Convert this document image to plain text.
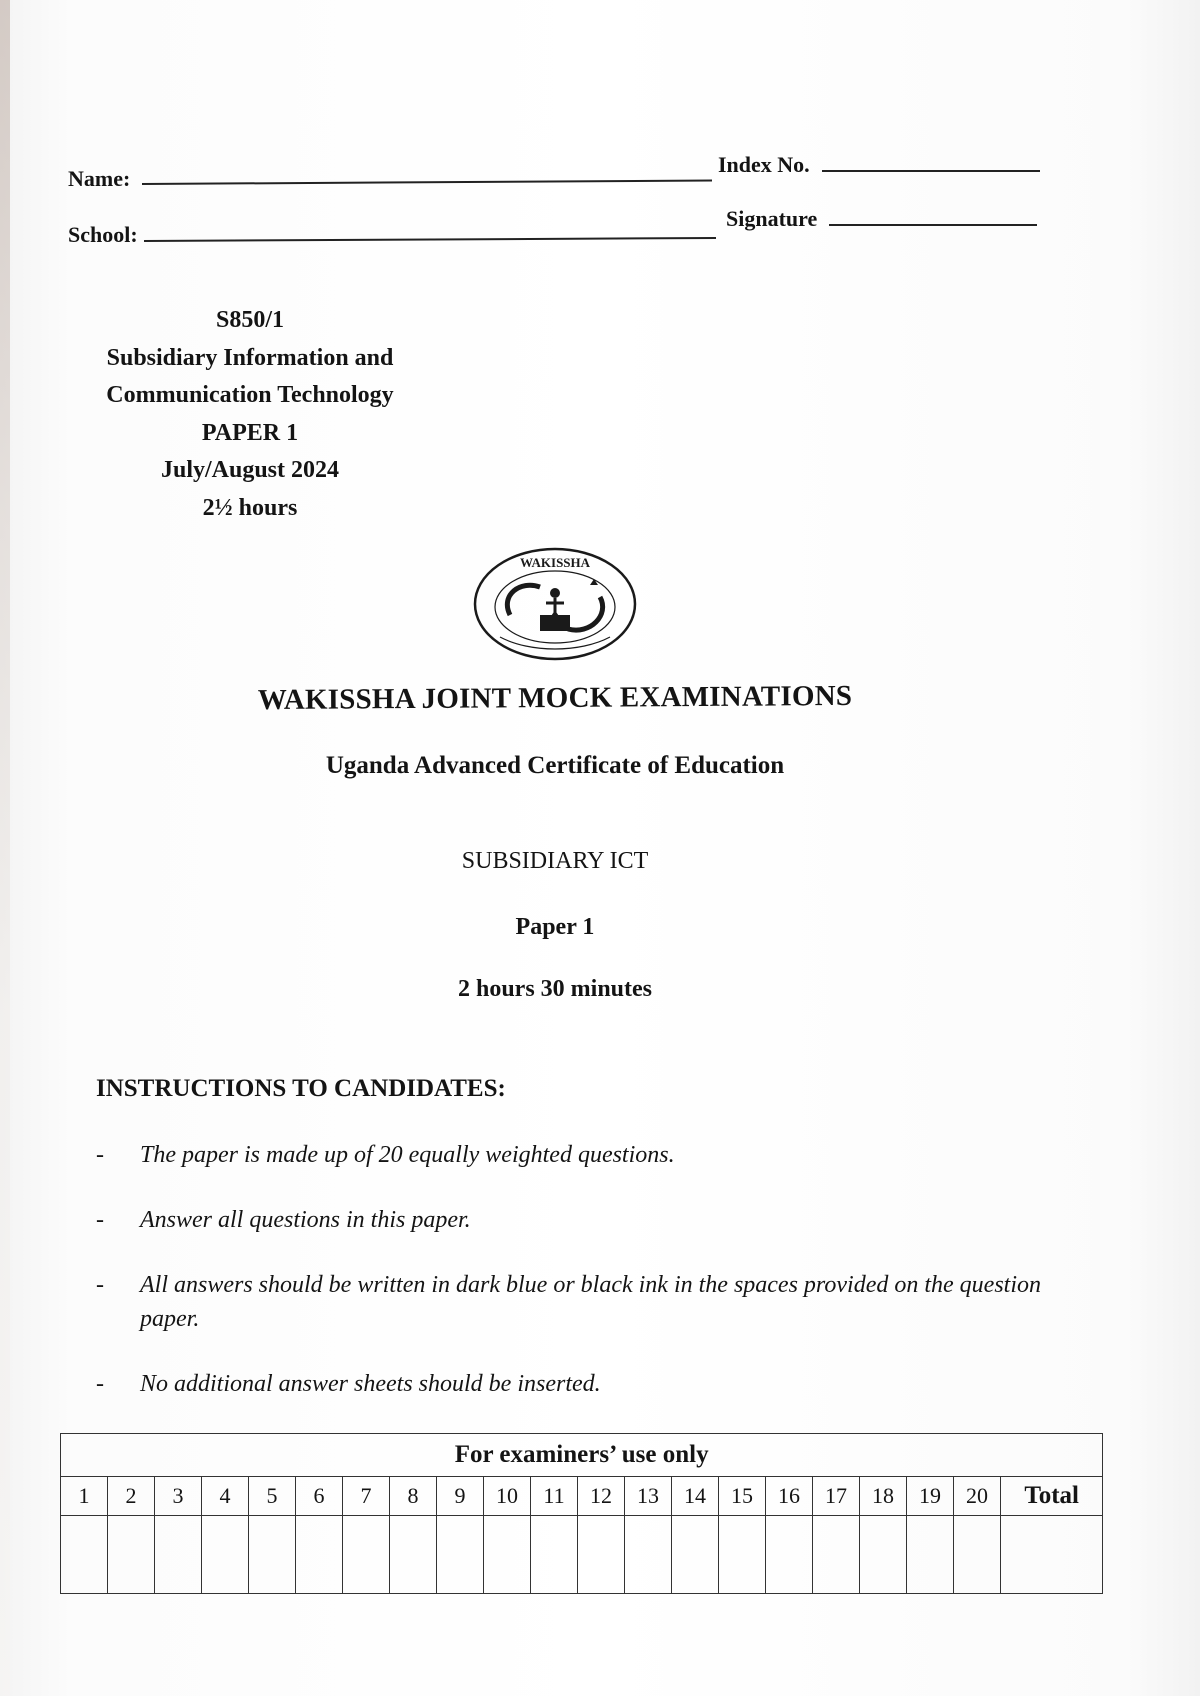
Name:
Index No.
School:
Signature
S850/1
Subsidiary Information and
Communication Technology
PAPER 1
July/August 2024
2½ hours
WAKISSHA
WAKISSHA JOINT MOCK EXAMINATIONS
Uganda Advanced Certificate of Education
SUBSIDIARY ICT
Paper 1
2 hours 30 minutes
INSTRUCTIONS TO CANDIDATES:
- The paper is made up of 20 equally weighted questions.
- Answer all questions in this paper.
- All answers should be written in dark blue or black ink in the spaces provided on the question paper.
- No additional answer sheets should be inserted.
For examiners’ use only																				
1	2	3	4	5	6	7	8	9	10	11	12	13	14	15	16	17	18	19	20	Total
